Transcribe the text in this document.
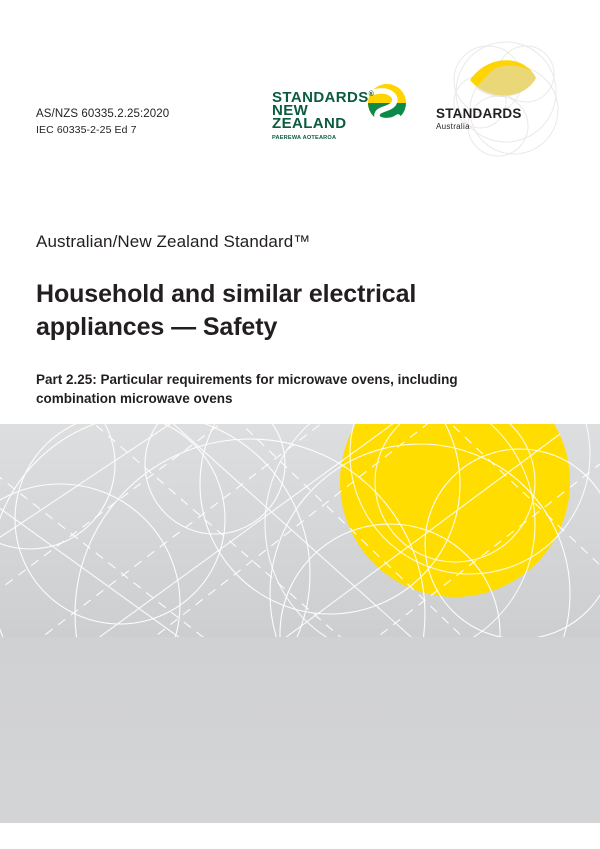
AS/NZS 60335.2.25:2020
IEC 60335-2-25 Ed 7
STANDARDS®
NEW ZEALAND
PAEREWA AOTEAROA
STANDARDS
Australia
Australian/New Zealand Standard™
Household and similar electrical appliances — Safety
Part 2.25: Particular requirements for microwave ovens, including combination microwave ovens
